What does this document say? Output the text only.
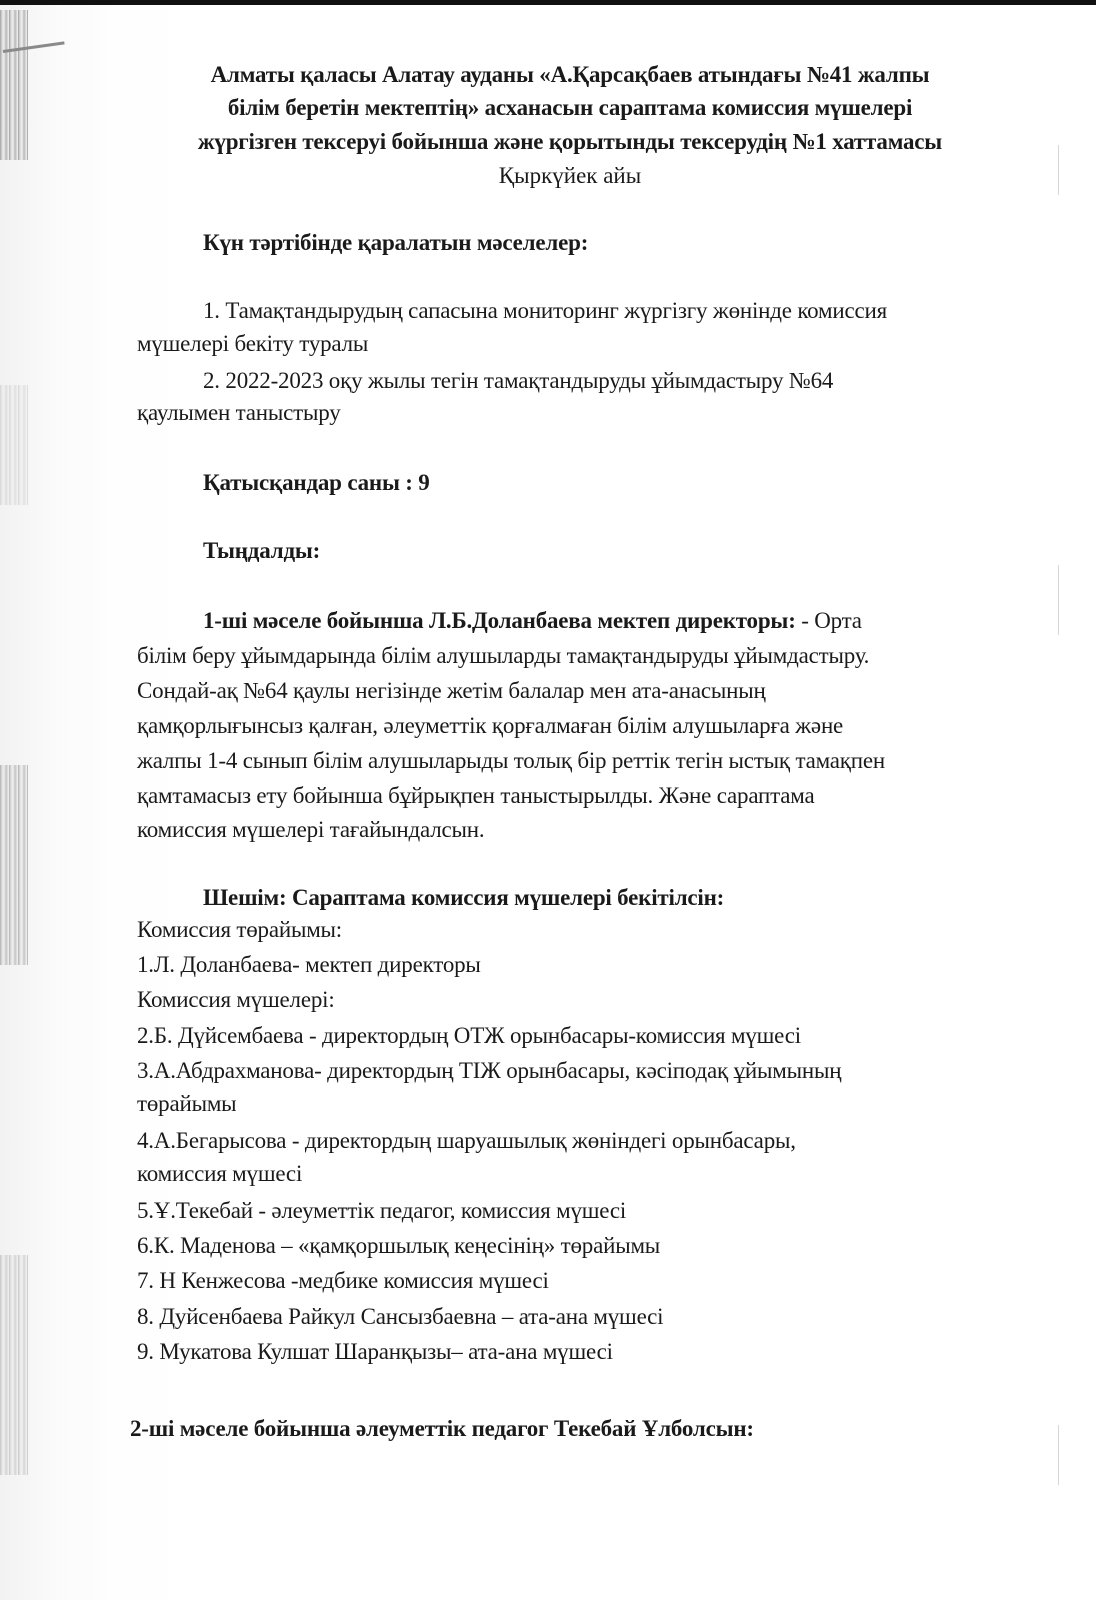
Алматы қаласы Алатау ауданы «А.Қарсақбаев атындағы №41 жалпы
білім беретін мектептің» асханасын сараптама комиссия мүшелері
жүргізген тексеруі бойынша және қорытынды тексерудің №1 хаттамасы
Қыркүйек айы
Күн тәртібінде қаралатын мәселелер:
1. Тамақтандырудың сапасына мониторинг жүргізгу жөнінде комиссия
мүшелері бекіту туралы
2. 2022-2023 оқу жылы тегін тамақтандыруды ұйымдастыру №64
қаулымен таныстыру
Қатысқандар саны : 9
Тыңдалды:
1-ші мәселе бойынша Л.Б.Доланбаева мектеп директоры: - Орта
білім беру ұйымдарында білім алушыларды тамақтандыруды ұйымдастыру.
Сондай-ақ №64 қаулы негізінде жетім балалар мен ата-анасының
қамқорлығынсыз қалған, әлеуметтік қорғалмаған білім алушыларға және
жалпы 1-4 сынып білім алушыларыды толық бір реттік тегін ыстық тамақпен
қамтамасыз ету бойынша бұйрықпен таныстырылды. Және сараптама
комиссия мүшелері тағайындалсын.
Шешім: Сараптама комиссия мүшелері бекітілсін:
Комиссия төрайымы:
1.Л. Доланбаева- мектеп директоры
Комиссия мүшелері:
2.Б. Дүйсембаева - директордың ОТЖ орынбасары-комиссия мүшесі
3.А.Абдрахманова- директордың ТІЖ орынбасары, кәсіподақ ұйымының
төрайымы
4.А.Бегарысова - директордың шаруашылық жөніндегі орынбасары,
комиссия мүшесі
5.Ұ.Текебай - әлеуметтік педагог, комиссия мүшесі
6.К. Маденова – «қамқоршылық кеңесінің» төрайымы
7. Н Кенжесова -медбике комиссия мүшесі
8. Дуйсенбаева Райкул Сансызбаевна – ата-ана мүшесі
9. Мукатова Кулшат Шаранқызы– ата-ана мүшесі
2-ші мәселе бойынша әлеуметтік педагог Текебай Ұлболсын:
